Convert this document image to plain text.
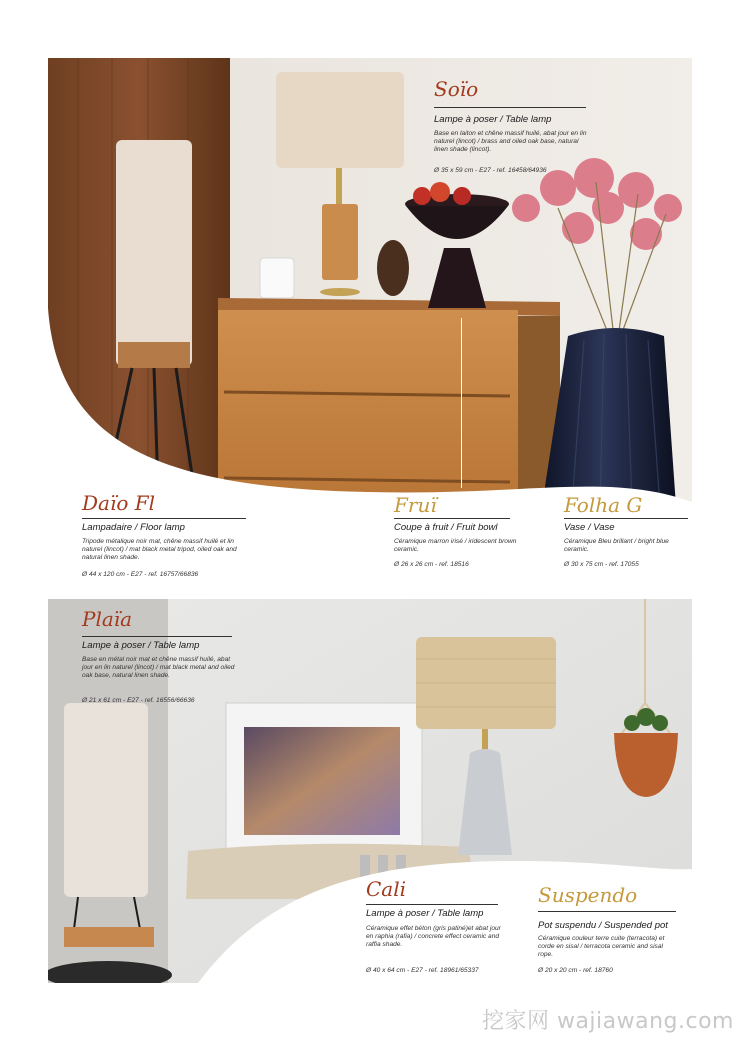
Soïo
Lampe à poser / Table lamp
Base en laiton et chêne massif huilé, abat jour en lin naturel (lincot) / brass and oiled oak base, natural linen shade (lincot).
Ø 35 x 59 cm - E27 - ref. 16458/64936
Daïo Fl
Lampadaire / Floor lamp
Tripode métalique noir mat, chêne massif huilé et lin naturel (lincot) / mat black metal tripod, oiled oak and natural linen shade.
Ø 44 x 120 cm - E27 - ref. 16757/66836
Fruï
Coupe à fruit / Fruit bowl
Céramique marron irisé / iridescent brown ceramic.
Ø 26 x 26 cm - ref. 18516
Folha G
Vase / Vase
Céramique Bleu brillant / bright blue ceramic.
Ø 30 x 75 cm - ref. 17055
Plaïa
Lampe à poser / Table lamp
Base en métal noir mat et chêne massif huilé, abat jour en lin naturel (lincot) / mat black metal and oiled oak base, natural linen shade.
Ø 21 x 61 cm - E27 - ref. 16556/66636
Cali
Lampe à poser / Table lamp
Céramique effet béton (gris patiné)et abat jour en raphia (rafia) / concrete effect ceramic and raffia shade.
Ø 40 x 64 cm - E27 - ref. 18961/65337
Suspendo
Pot suspendu / Suspended pot
Céramique couleur terre cuite (terracota) et corde en sisal / terracota ceramic and sisal rope.
Ø 20 x 20 cm - ref. 18760
挖家网 wajiawang.com
